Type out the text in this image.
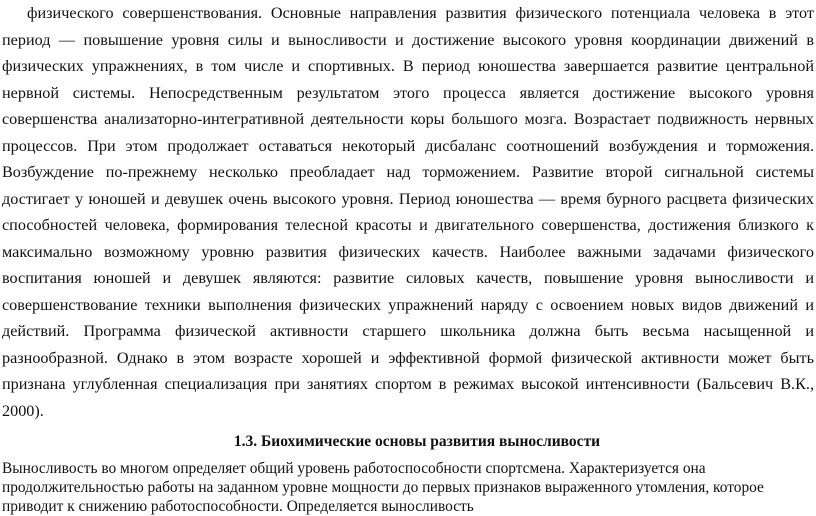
физического совершенствования. Основные направления развития физического потенциала человека в этот период — повышение уровня силы и выносливости и достижение высокого уровня координации движений в физических упражнениях, в том числе и спортивных. В период юношества завершается развитие центральной нервной системы. Непосредственным результатом этого процесса является достижение высокого уровня совершенства анализаторно-интегративной деятельности коры большого мозга. Возрастает подвижность нервных процессов. При этом продолжает оставаться некоторый дисбаланс соотношений возбуждения и торможения. Возбуждение по-прежнему несколько преобладает над торможением. Развитие второй сигнальной системы достигает у юношей и девушек очень высокого уровня. Период юношества — время бурного расцвета физических способностей человека, формирования телесной красоты и двигательного совершенства, достижения близкого к максимально возможному уровню развития физических качеств. Наиболее важными задачами физического воспитания юношей и девушек являются: развитие силовых качеств, повышение уровня выносливости и совершенствование техники выполнения физических упражнений наряду с освоением новых видов движений и действий. Программа физической активности старшего школьника должна быть весьма насыщенной и разнообразной. Однако в этом возрасте хорошей и эффективной формой физической активности может быть признана углубленная специализация при занятиях спортом в режимах высокой интенсивности (Бальсевич В.К., 2000).

1.3. Биохимические основы развития выносливости

Выносливость во многом определяет общий уровень работоспособности спортсмена. Характеризуется она продолжительностью работы на заданном уровне мощности до первых признаков выраженного утомления, которое приводит к снижению работоспособности. Определяется выносливость
